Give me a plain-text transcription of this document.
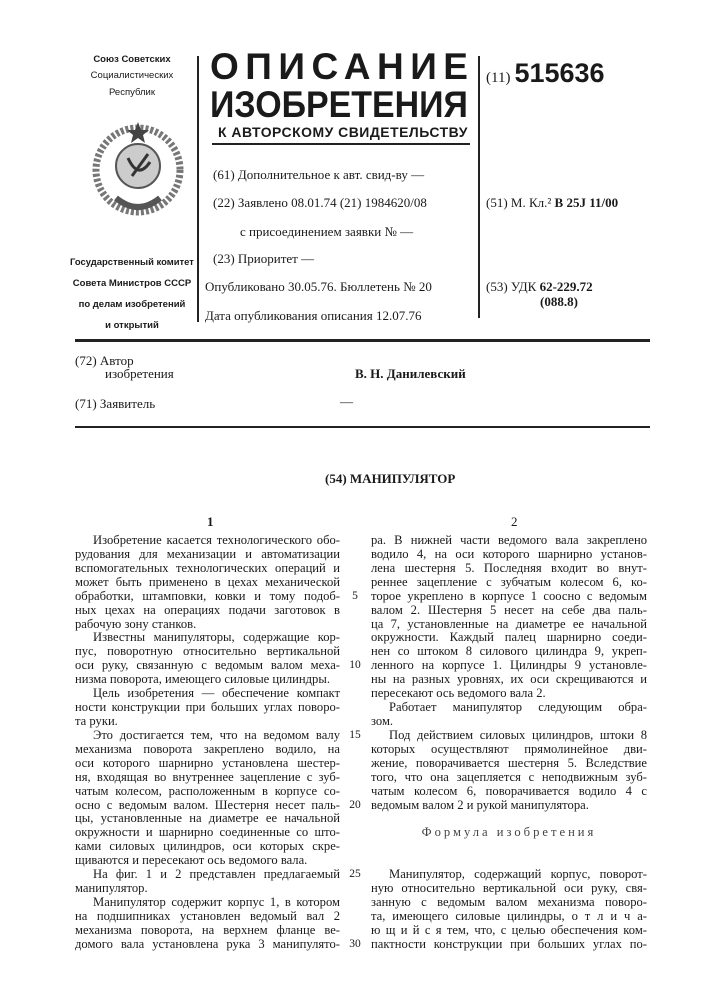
Союз Советских
Социалистических
Республик
Государственный комитет
Совета Министров СССР
по делам изобретений
и открытий
ОПИСАНИЕ
ИЗОБРЕТЕНИЯ
К АВТОРСКОМУ СВИДЕТЕЛЬСТВУ
(61) Дополнительное к авт. свид-ву —
(22) Заявлено 08.01.74 (21) 1984620/08
с присоединением заявки № —
(23) Приоритет —
Опубликовано 30.05.76. Бюллетень № 20
Дата опубликования описания 12.07.76
(11) 515636
(51) М. Кл.² B 25J 11/00
(53) УДК 62-229.72
(088.8)
(72) Автор
изобретения	В. Н. Данилевский
(71) Заявитель	—
(54) МАНИПУЛЯТОР
1	2
Изобретение касается технологического обо-
рудования для механизации и автоматизации
вспомогательных технологических операций и
может быть применено в цехах механической
обработки, штамповки, ковки и тому подоб-
ных цехах на операциях подачи заготовок в
рабочую зону станков.
Известны манипуляторы, содержащие кор-
пус, поворотную относительно вертикальной
оси руку, связанную с ведомым валом меха-
низма поворота, имеющего силовые цилиндры.
Цель изобретения — обеспечение компакт
ности конструкции при больших углах поворо-
та руки.
Это достигается тем, что на ведомом валу
механизма поворота закреплено водило, на
оси которого шарнирно установлена шестер-
ня, входящая во внутреннее зацепление с зуб-
чатым колесом, расположенным в корпусе со-
осно с ведомым валом. Шестерня несет паль-
цы, установленные на диаметре ее начальной
окружности и шарнирно соединенные со што-
ками силовых цилиндров, оси которых скре-
щиваются и пересекают ось ведомого вала.
На фиг. 1 и 2 представлен предлагаемый
манипулятор.
Манипулятор содержит корпус 1, в котором
на подшипниках установлен ведомый вал 2
механизма поворота, на верхнем фланце ве-
домого вала установлена рука 3 манипулято-
ра. В нижней части ведомого вала закреплено
водило 4, на оси которого шарнирно установ-
лена шестерня 5. Последняя входит во внут-
реннее зацепление с зубчатым колесом 6, ко-
торое укреплено в корпусе 1 соосно с ведомым
валом 2. Шестерня 5 несет на себе два паль-
ца 7, установленные на диаметре ее начальной
окружности. Каждый палец шарнирно соеди-
нен со штоком 8 силового цилиндра 9, укреп-
ленного на корпусе 1. Цилиндры 9 установле-
ны на разных уровнях, их оси скрещиваются и
пересекают ось ведомого вала 2.
Работает манипулятор следующим обра-
зом.
Под действием силовых цилиндров, штоки 8
которых осуществляют прямолинейное дви-
жение, поворачивается шестерня 5. Вследствие
того, что она зацепляется с неподвижным зуб-
чатым колесом 6, поворачивается водило 4 с
ведомым валом 2 и рукой манипулятора.

Формула изобретения

Манипулятор, содержащий корпус, поворот-
ную относительно вертикальной оси руку, свя-
занную с ведомым валом механизма поворо-
та, имеющего силовые цилиндры, о т л и ч а-
ю щ и й с я тем, что, с целью обеспечения ком-
пактности конструкции при больших углах по-
5
10
15
20
25
30
